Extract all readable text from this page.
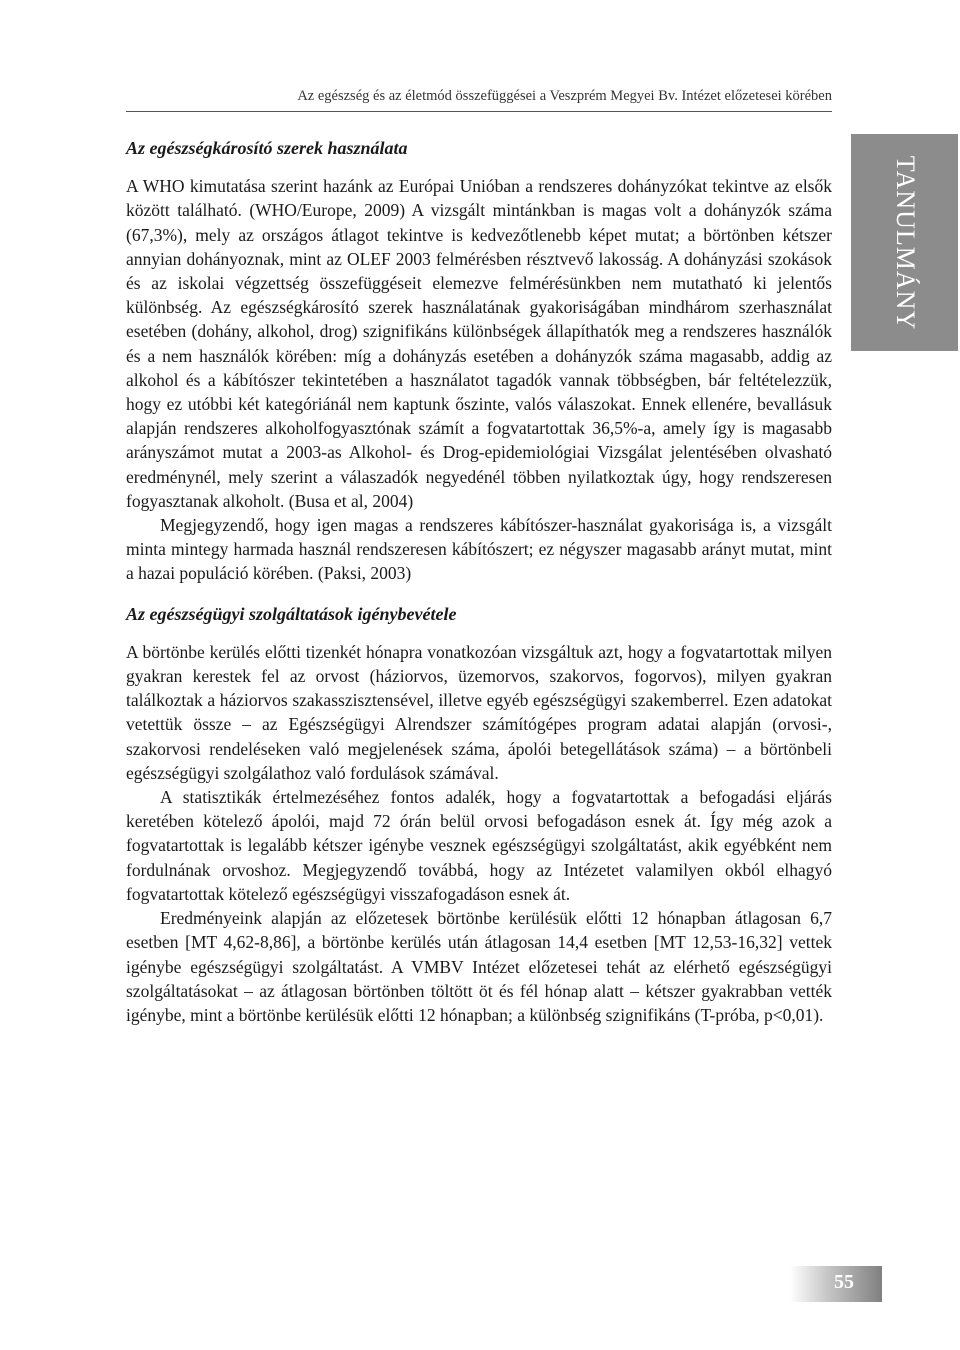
Az egészség és az életmód összefüggései a Veszprém Megyei Bv. Intézet előzetesei körében
TANULMÁNY
Az egészségkárosító szerek használata

A WHO kimutatása szerint hazánk az Európai Unióban a rendszeres dohányzókat tekintve az elsők között található. (WHO/Europe, 2009) A vizsgált mintánkban is magas volt a dohányzók száma (67,3%), mely az országos átlagot tekintve is kedvezőtlenebb képet mutat; a börtönben kétszer annyian dohányoznak, mint az OLEF 2003 felmérésben résztvevő lakosság. A dohányzási szokások és az iskolai végzettség összefüggéseit elemezve felmérésünkben nem mutatható ki jelentős különbség. Az egészségkárosító szerek használatának gyakoriságában mindhárom szerhasználat esetében (dohány, alkohol, drog) szignifikáns különbségek állapíthatók meg a rendszeres használók és a nem használók körében: míg a dohányzás esetében a dohányzók száma magasabb, addig az alkohol és a kábítószer tekintetében a használatot tagadók vannak többségben, bár feltételezzük, hogy ez utóbbi két kategóriánál nem kaptunk őszinte, valós válaszokat. Ennek ellenére, bevallásuk alapján rendszeres alkoholfogyasztónak számít a fogvatartottak 36,5%-a, amely így is magasabb arányszámot mutat a 2003-as Alkohol- és Drog-epidemiológiai Vizsgálat jelentésében olvasható eredménynél, mely szerint a válaszadók negyedénél többen nyilatkoztak úgy, hogy rendszeresen fogyasztanak alkoholt. (Busa et al, 2004)

Megjegyzendő, hogy igen magas a rendszeres kábítószer-használat gyakorisága is, a vizsgált minta mintegy harmada használ rendszeresen kábítószert; ez négyszer magasabb arányt mutat, mint a hazai populáció körében. (Paksi, 2003)

Az egészségügyi szolgáltatások igénybevétele

A börtönbe kerülés előtti tizenkét hónapra vonatkozóan vizsgáltuk azt, hogy a fogvatartottak milyen gyakran kerestek fel az orvost (háziorvos, üzemorvos, szakorvos, fogorvos), milyen gyakran találkoztak a háziorvos szakasszisztensével, illetve egyéb egészségügyi szakemberrel. Ezen adatokat vetettük össze – az Egészségügyi Alrendszer számítógépes program adatai alapján (orvosi-, szakorvosi rendeléseken való megjelenések száma, ápolói betegellátások száma) – a börtönbeli egészségügyi szolgálathoz való fordulások számával.

A statisztikák értelmezéséhez fontos adalék, hogy a fogvatartottak a befogadási eljárás keretében kötelező ápolói, majd 72 órán belül orvosi befogadáson esnek át. Így még azok a fogvatartottak is legalább kétszer igénybe vesznek egészségügyi szolgáltatást, akik egyébként nem fordulnának orvoshoz. Megjegyzendő továbbá, hogy az Intézetet valamilyen okból elhagyó fogvatartottak kötelező egészségügyi visszafogadáson esnek át.

Eredményeink alapján az előzetesek börtönbe kerülésük előtti 12 hónapban átlagosan 6,7 esetben [MT 4,62-8,86], a börtönbe kerülés után átlagosan 14,4 esetben [MT 12,53-16,32] vettek igénybe egészségügyi szolgáltatást. A VMBV Intézet előzetesei tehát az elérhető egészségügyi szolgáltatásokat – az átlagosan börtönben töltött öt és fél hónap alatt – kétszer gyakrabban vették igénybe, mint a börtönbe kerülésük előtti 12 hónapban; a különbség szignifikáns (T-próba, p<0,01).

55
